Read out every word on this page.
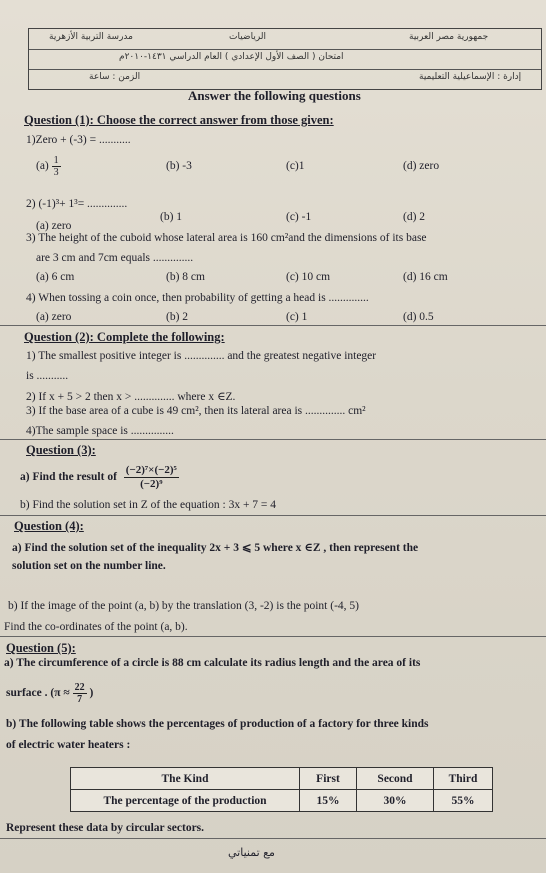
مدرسة التربية الأزهرية	الرياضيات	جمهورية مصر العربية
امتحان ( الصف الأول الإعدادي ) العام الدراسي ١٤٣١-٢٠١٠م
الزمن : ساعة	إدارة : الإسماعيلية التعليمية
Answer the following questions
Question (1): Choose the correct answer from those given:
1)Zero + (-3) = ...........
$(a) \frac{1}{3}$	(b) -3	(c)1	(d) zero
2) (-1)³+ 1³= ..............
(a) zero
(b) 1	(c) -1	(d) 2
3) The height of the cuboid whose lateral area is 160 cm²and the dimensions of its base
are 3 cm and 7cm equals ..............
(a) 6 cm	(b) 8 cm	(c) 10 cm	(d) 16 cm
4) When tossing a coin once, then probability of getting a head is ..............
(a) zero	(b) 2	(c) 1	(d) 0.5
Question (2): Complete the following:
1) The smallest positive integer is .............. and the greatest negative integer
is ...........
2) If x + 5 > 2 then x > .............. where x ∈Z.
3) If the base area of a cube is 49 cm², then its lateral area is .............. cm²
4)The sample space is ...............
Question (3):
a) Find the result of $\frac{\text{(−2)⁷×(−2)⁵}}{\text{(−2)⁹}}$
b) Find the solution set in Z of the equation : 3x + 7 = 4
Question (4):
a) Find the solution set of the inequality 2x + 3 ⩽ 5 where x ∈Z , then represent the
solution set on the number line.
b) If the image of the point (a, b) by the translation (3, -2) is the point (-4, 5)
Find the co-ordinates of the point (a, b).
Question (5):
a) The circumference of a circle is 88 cm calculate its radius length and the area of its
surface . ($\pi \approx \frac{22}{7}$ )
b) The following table shows the percentages of production of a factory for three kinds
of electric water heaters :
The Kind	First	Second	Third
The percentage of the production	15%	30%	55%
Represent these data by circular sectors.
مع تمنياتي
